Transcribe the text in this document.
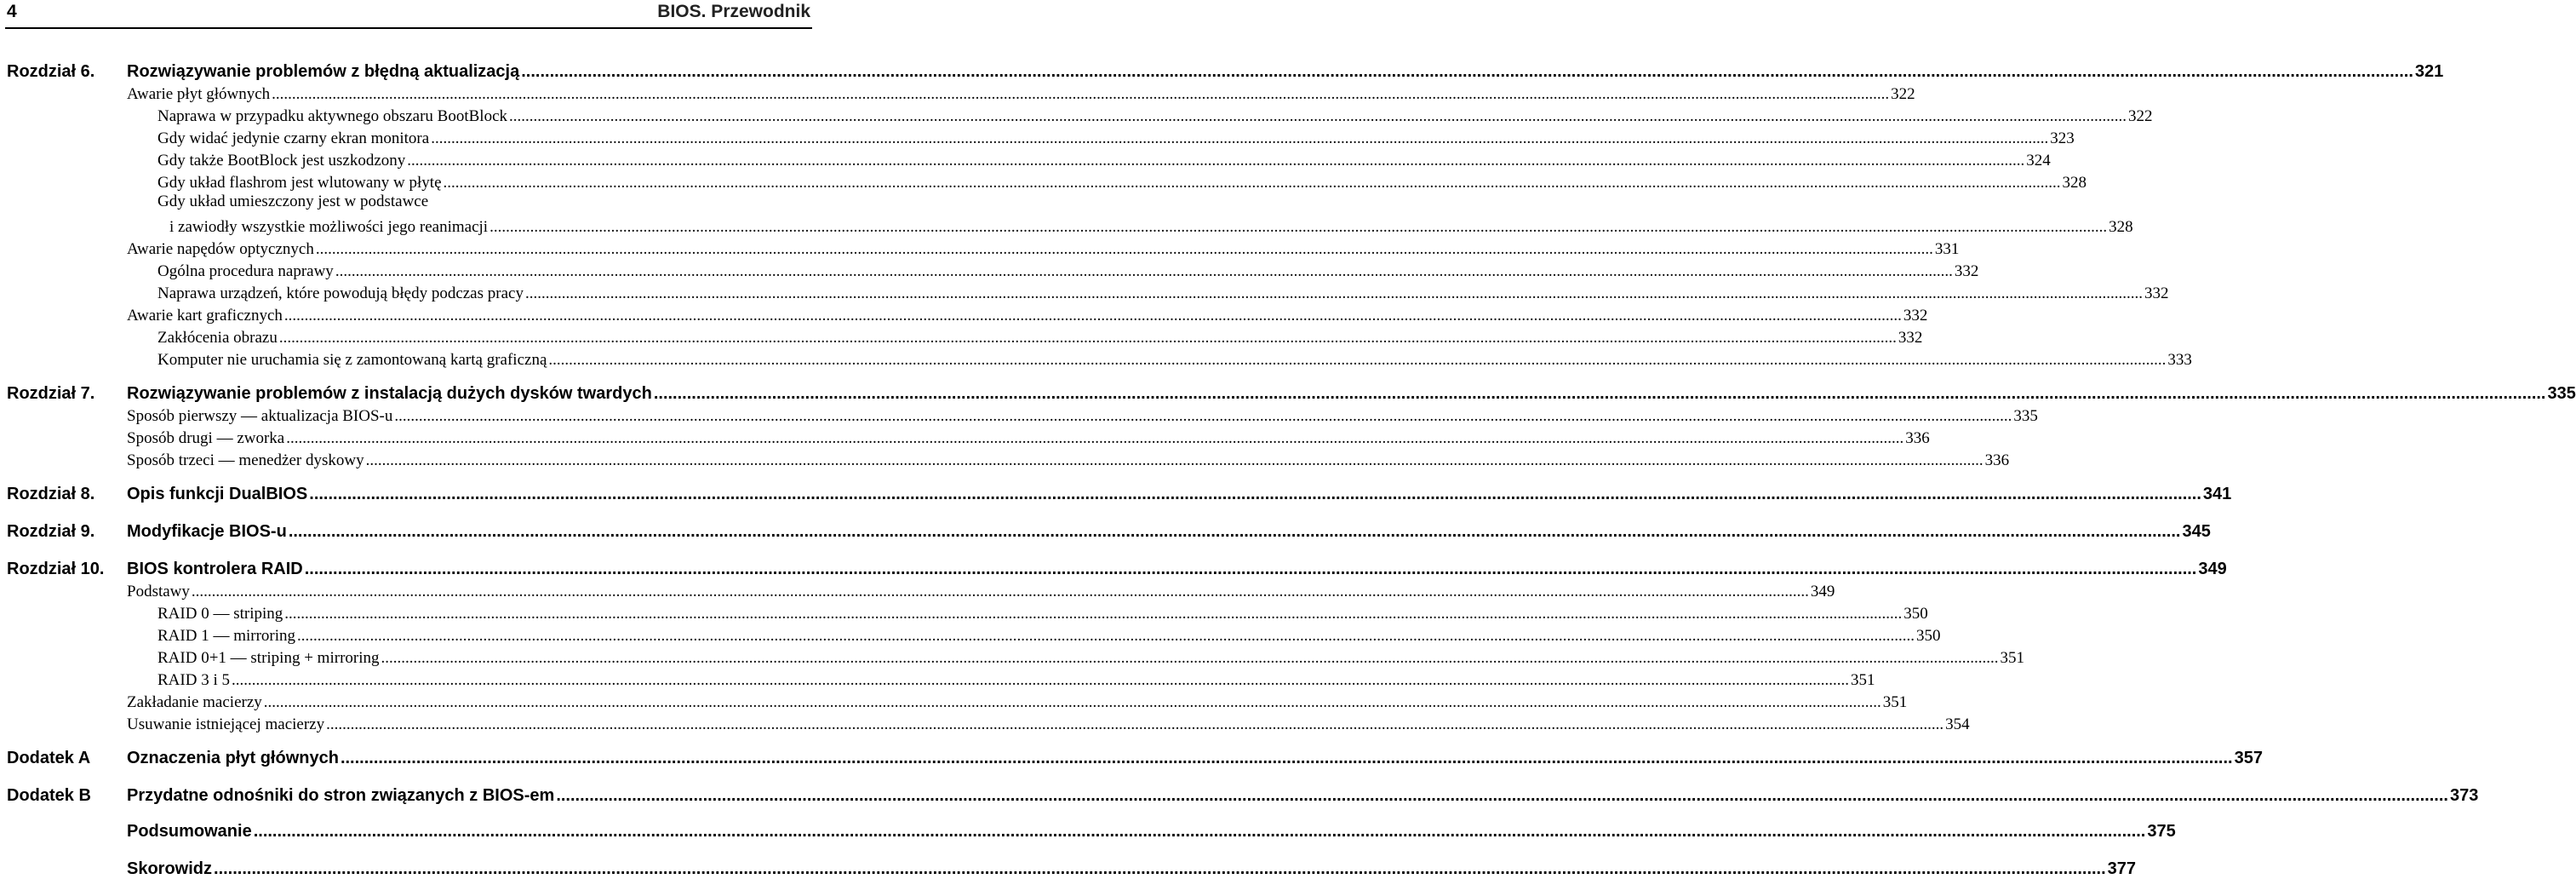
4	BIOS. Przewodnik
Rozdział 6. Rozwiązywanie problemów z błędną aktualizacją ................................................................................................................................................................................................................................................................................................................................................................................................................ 321
Awarie płyt głównych ................................................................................................................................................................................................................................................................................................................................................................................................................ 322
Naprawa w przypadku aktywnego obszaru BootBlock ................................................................................................................................................................................................................................................................................................................................................................................................................ 322
Gdy widać jedynie czarny ekran monitora ................................................................................................................................................................................................................................................................................................................................................................................................................ 323
Gdy także BootBlock jest uszkodzony ................................................................................................................................................................................................................................................................................................................................................................................................................ 324
Gdy układ flashrom jest wlutowany w płytę ................................................................................................................................................................................................................................................................................................................................................................................................................ 328
Gdy układ umieszczony jest w podstawce
i zawiodły wszystkie możliwości jego reanimacji ................................................................................................................................................................................................................................................................................................................................................................................................................ 328
Awarie napędów optycznych ................................................................................................................................................................................................................................................................................................................................................................................................................ 331
Ogólna procedura naprawy ................................................................................................................................................................................................................................................................................................................................................................................................................ 332
Naprawa urządzeń, które powodują błędy podczas pracy ................................................................................................................................................................................................................................................................................................................................................................................................................ 332
Awarie kart graficznych ................................................................................................................................................................................................................................................................................................................................................................................................................ 332
Zakłócenia obrazu ................................................................................................................................................................................................................................................................................................................................................................................................................ 332
Komputer nie uruchamia się z zamontowaną kartą graficzną ................................................................................................................................................................................................................................................................................................................................................................................................................ 333
Rozdział 7. Rozwiązywanie problemów z instalacją dużych dysków twardych ................................................................................................................................................................................................................................................................................................................................................................................................................ 335
Sposób pierwszy — aktualizacja BIOS-u ................................................................................................................................................................................................................................................................................................................................................................................................................ 335
Sposób drugi — zworka ................................................................................................................................................................................................................................................................................................................................................................................................................ 336
Sposób trzeci — menedżer dyskowy ................................................................................................................................................................................................................................................................................................................................................................................................................ 336
Rozdział 8. Opis funkcji DualBIOS ................................................................................................................................................................................................................................................................................................................................................................................................................ 341
Rozdział 9. Modyfikacje BIOS-u ................................................................................................................................................................................................................................................................................................................................................................................................................ 345
Rozdział 10. BIOS kontrolera RAID ................................................................................................................................................................................................................................................................................................................................................................................................................ 349
Podstawy ................................................................................................................................................................................................................................................................................................................................................................................................................ 349
RAID 0 — striping ................................................................................................................................................................................................................................................................................................................................................................................................................ 350
RAID 1 — mirroring ................................................................................................................................................................................................................................................................................................................................................................................................................ 350
RAID 0+1 — striping + mirroring ................................................................................................................................................................................................................................................................................................................................................................................................................ 351
RAID 3 i 5 ................................................................................................................................................................................................................................................................................................................................................................................................................ 351
Zakładanie macierzy ................................................................................................................................................................................................................................................................................................................................................................................................................ 351
Usuwanie istniejącej macierzy ................................................................................................................................................................................................................................................................................................................................................................................................................ 354
Dodatek A Oznaczenia płyt głównych ................................................................................................................................................................................................................................................................................................................................................................................................................ 357
Dodatek B Przydatne odnośniki do stron związanych z BIOS-em ................................................................................................................................................................................................................................................................................................................................................................................................................ 373
Podsumowanie ................................................................................................................................................................................................................................................................................................................................................................................................................ 375
Skorowidz ................................................................................................................................................................................................................................................................................................................................................................................................................ 377
